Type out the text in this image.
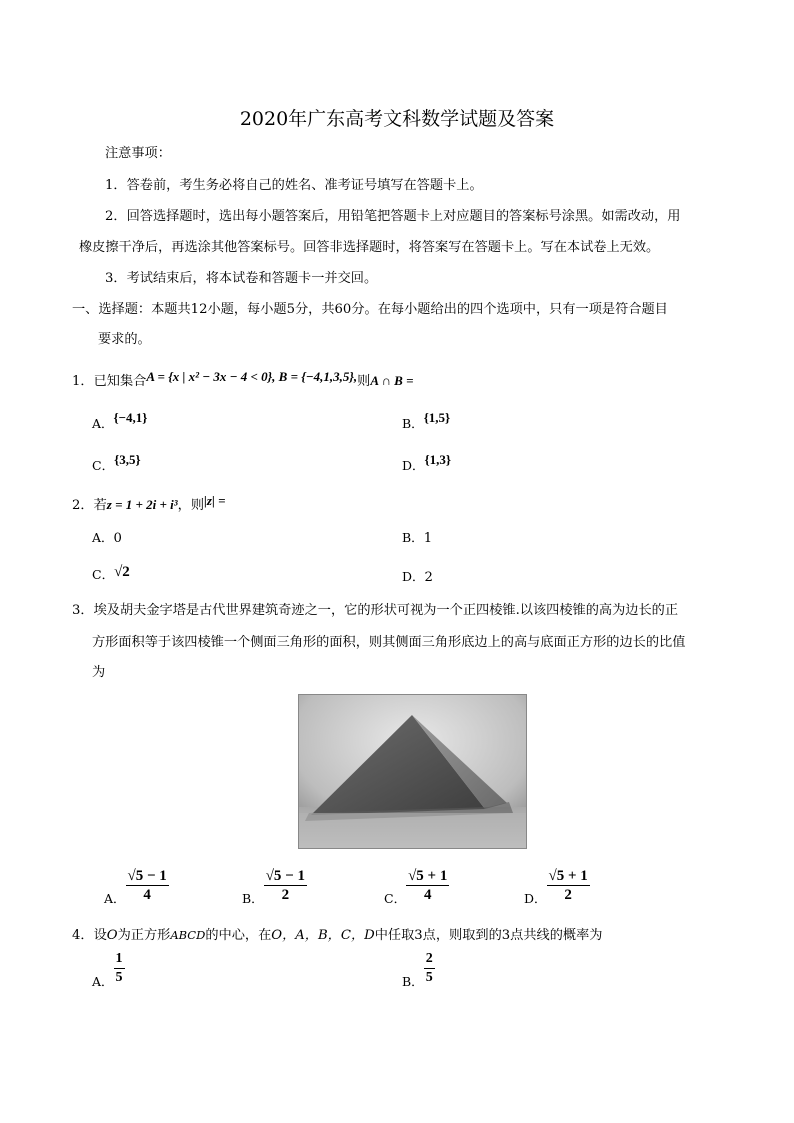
2020年广东高考文科数学试题及答案
注意事项：
1．答卷前，考生务必将自己的姓名、准考证号填写在答题卡上。
2．回答选择题时，选出每小题答案后，用铅笔把答题卡上对应题目的答案标号涂黑。如需改动，用
橡皮擦干净后，再选涂其他答案标号。回答非选择题时，将答案写在答题卡上。写在本试卷上无效。
3．考试结束后，将本试卷和答题卡一并交回。
一、选择题：本题共12小题，每小题5分，共60分。在每小题给出的四个选项中，只有一项是符合题目
要求的。
1．已知集合A = {x | x² − 3x − 4 < 0}, B = {−4,1,3,5},则A ∩ B =
A．{−4,1}	B．{1,5}
C．{3,5}	D．{1,3}
2．若z = 1 + 2i + i³，则|z| =
A．0	B．1
C．√2	D．2
3．埃及胡夫金字塔是古代世界建筑奇迹之一，它的形状可视为一个正四棱锥.以该四棱锥的高为边长的正
方形面积等于该四棱锥一个侧面三角形的面积，则其侧面三角形底边上的高与底面正方形的边长的比值
为
A． $\frac{√5 - 1}{4}$	B． $\frac{√5 - 1}{2}$	C． $\frac{√5 + 1}{4}$	D． $\frac{√5 + 1}{2}$
4．设O为正方形ABCD的中心，在O，A，B，C，D中任取3点，则取到的3点共线的概率为
A． $\frac{1}{5}$	B． $\frac{2}{5}$
